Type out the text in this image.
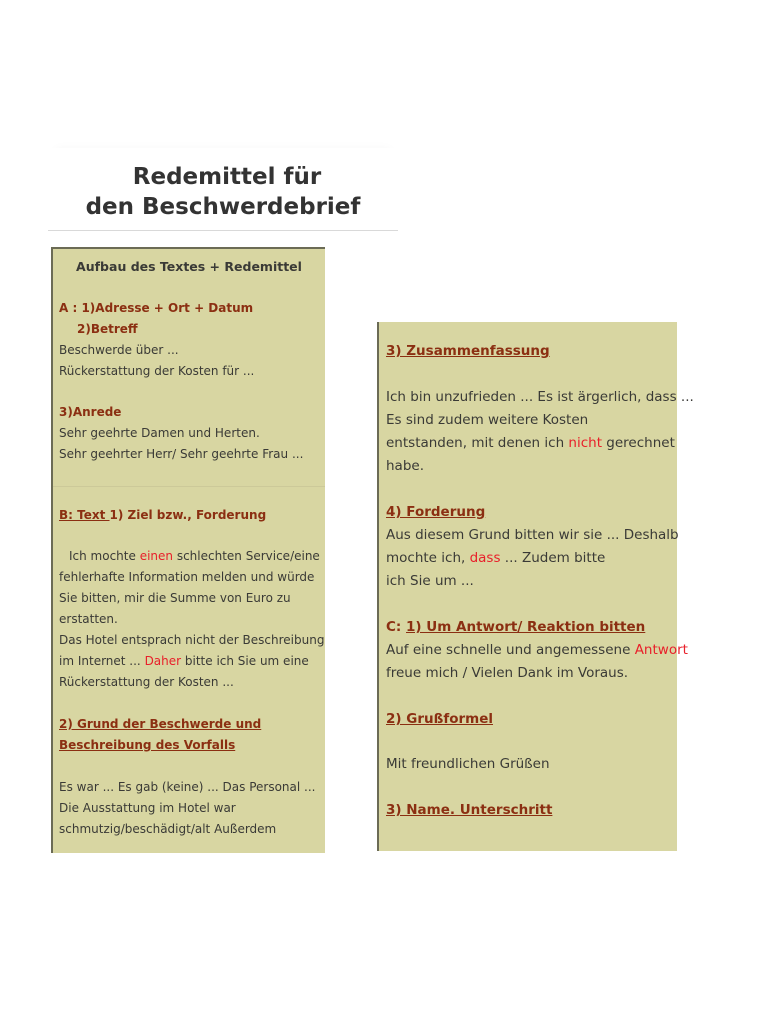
Redemittel für
den Beschwerdebrief
Aufbau des Textes + Redemittel
A : 1)Adresse + Ort + Datum
2)Betreff
Beschwerde über ...
Rückerstattung der Kosten für ...
3)Anrede
Sehr geehrte Damen und Herten.
Sehr geehrter Herr/ Sehr geehrte Frau ...
B: Text 1) Ziel bzw., Forderung
Ich mochte einen schlechten Service/eine
fehlerhafte Information melden und würde
Sie bitten, mir die Summe von Euro zu
erstatten.
Das Hotel entsprach nicht der Beschreibung
im Internet ... Daher bitte ich Sie um eine
Rückerstattung der Kosten ...
2) Grund der Beschwerde und
Beschreibung des Vorfalls
Es war ... Es gab (keine) ... Das Personal ...
Die Ausstattung im Hotel war
schmutzig/beschädigt/alt Außerdem
3) Zusammenfassung
Ich bin unzufrieden ... Es ist ärgerlich, dass ...
Es sind zudem weitere Kosten
entstanden, mit denen ich nicht gerechnet
habe.
4) Forderung
Aus diesem Grund bitten wir sie ... Deshalb
mochte ich, dass ... Zudem bitte
ich Sie um ...
C: 1) Um Antwort/ Reaktion bitten
Auf eine schnelle und angemessene Antwort
freue mich / Vielen Dank im Voraus.
2) Grußformel
Mit freundlichen Grüßen
3) Name. Unterschritt
